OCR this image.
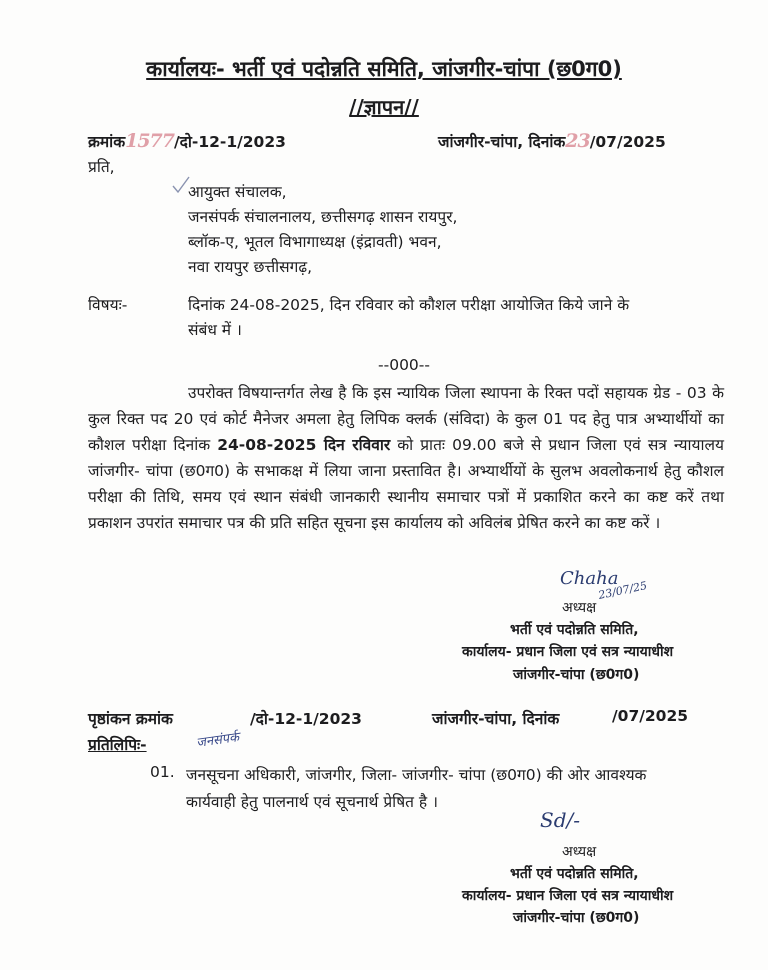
कार्यालयः- भर्ती एवं पदोन्नति समिति, जांजगीर-चांपा (छ0ग0)
//ज्ञापन//
क्रमांक1577/दो-12-1/2023	जांजगीर-चांपा, दिनांक23/07/2025
प्रति,
आयुक्त संचालक,
जनसंपर्क संचालनालय, छत्तीसगढ़ शासन रायपुर,
ब्लॉक-ए, भूतल विभागाध्यक्ष (इंद्रावती) भवन,
नवा रायपुर छत्तीसगढ़,
विषयः-	दिनांक 24-08-2025, दिन रविवार को कौशल परीक्षा आयोजित किये जाने के
संबंध में ।
--000--

उपरोक्त विषयान्तर्गत लेख है कि इस न्यायिक जिला स्थापना के रिक्त पदों सहायक ग्रेड - 03 के कुल रिक्त पद 20 एवं कोर्ट मैनेजर अमला हेतु लिपिक क्लर्क (संविदा) के कुल 01 पद हेतु पात्र अभ्यार्थीयों का कौशल परीक्षा दिनांक 24-08-2025 दिन रविवार को प्रातः 09.00 बजे से प्रधान जिला एवं सत्र न्यायालय जांजगीर- चांपा (छ0ग0) के सभाकक्ष में लिया जाना प्रस्तावित है। अभ्यार्थीयों के सुलभ अवलोकनार्थ हेतु कौशल परीक्षा की तिथि, समय एवं स्थान संबंधी जानकारी स्थानीय समाचार पत्रों में प्रकाशित करने का कष्ट करें तथा प्रकाशन उपरांत समाचार पत्र की प्रति सहित सूचना इस कार्यालय को अविलंब प्रेषित करने का कष्ट करें ।

Chaha
23/07/25
अध्यक्ष
भर्ती एवं पदोन्नति समिति,
कार्यालय- प्रधान जिला एवं सत्र न्यायाधीश
जांजगीर-चांपा (छ0ग0)
पृष्ठांकन क्रमांक	/दो-12-1/2023	जांजगीर-चांपा, दिनांक	/07/2025
प्रतिलिपिः-	जनसंपर्क
01. जनसूचना अधिकारी, जांजगीर, जिला- जांजगीर- चांपा (छ0ग0) की ओर आवश्यक
कार्यवाही हेतु पालनार्थ एवं सूचनार्थ प्रेषित है ।
Sd/-
अध्यक्ष
भर्ती एवं पदोन्नति समिति,
कार्यालय- प्रधान जिला एवं सत्र न्यायाधीश
जांजगीर-चांपा (छ0ग0)
